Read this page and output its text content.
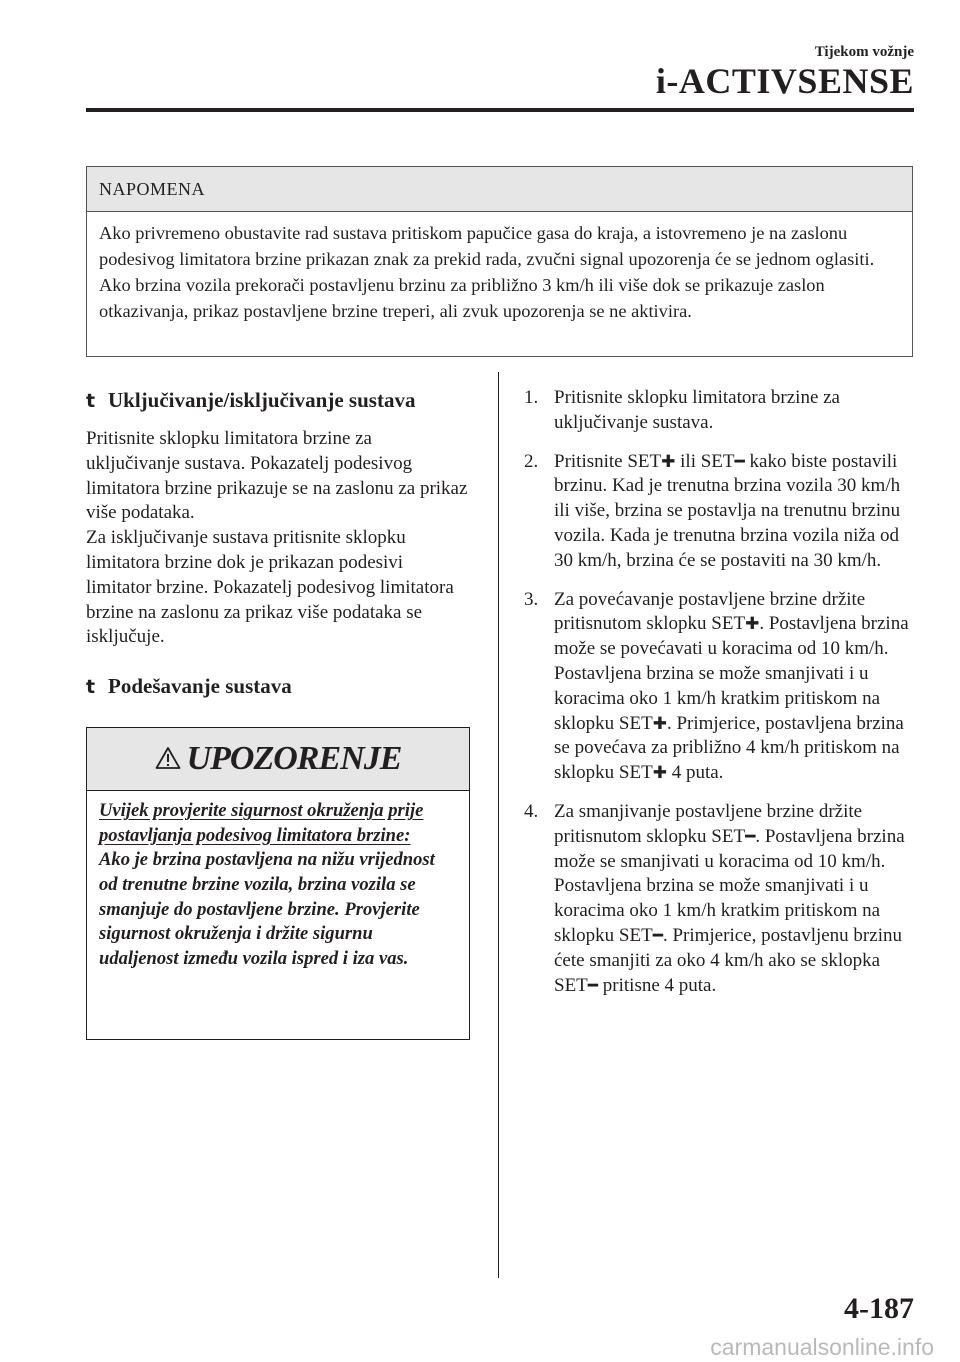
Tijekom vožnje
i-ACTIVSENSE
NAPOMENA
Ako privremeno obustavite rad sustava pritiskom papučice gasa do kraja, a istovremeno je na zaslonu podesivog limitatora brzine prikazan znak za prekid rada, zvučni signal upozorenja će se jednom oglasiti. Ako brzina vozila prekorači postavljenu brzinu za približno 3 km/h ili više dok se prikazuje zaslon otkazivanja, prikaz postavljene brzine treperi, ali zvuk upozorenja se ne aktivira.
t Uključivanje/isključivanje sustava

Pritisnite sklopku limitatora brzine za uključivanje sustava. Pokazatelj podesivog limitatora brzine prikazuje se na zaslonu za prikaz više podataka.

Za isključivanje sustava pritisnite sklopku limitatora brzine dok je prikazan podesivi limitator brzine. Pokazatelj podesivog limitatora brzine na zaslonu za prikaz više podataka se isključuje.

t Podešavanje sustava
UPOZORENJE
Uvijek provjerite sigurnost okruženja prije postavljanja podesivog limitatora brzine:
Ako je brzina postavljena na nižu vrijednost od trenutne brzine vozila, brzina vozila se smanjuje do postavljene brzine. Provjerite sigurnost okruženja i držite sigurnu udaljenost između vozila ispred i iza vas.
1. Pritisnite sklopku limitatora brzine za uključivanje sustava.
2. Pritisnite SET✚ ili SET━ kako biste postavili brzinu. Kad je trenutna brzina vozila 30 km/h ili više, brzina se postavlja na trenutnu brzinu vozila. Kada je trenutna brzina vozila niža od 30 km/h, brzina će se postaviti na 30 km/h.
3. Za povećavanje postavljene brzine držite pritisnutom sklopku SET✚. Postavljena brzina može se povećavati u koracima od 10 km/h. Postavljena brzina se može smanjivati i u koracima oko 1 km/h kratkim pritiskom na sklopku SET✚. Primjerice, postavljena brzina se povećava za približno 4 km/h pritiskom na sklopku SET✚ 4 puta.
4. Za smanjivanje postavljene brzine držite pritisnutom sklopku SET━. Postavljena brzina može se smanjivati u koracima od 10 km/h. Postavljena brzina se može smanjivati i u koracima oko 1 km/h kratkim pritiskom na sklopku SET━. Primjerice, postavljenu brzinu ćete smanjiti za oko 4 km/h ako se sklopka SET━ pritisne 4 puta.
4-187
carmanualsonline.info
